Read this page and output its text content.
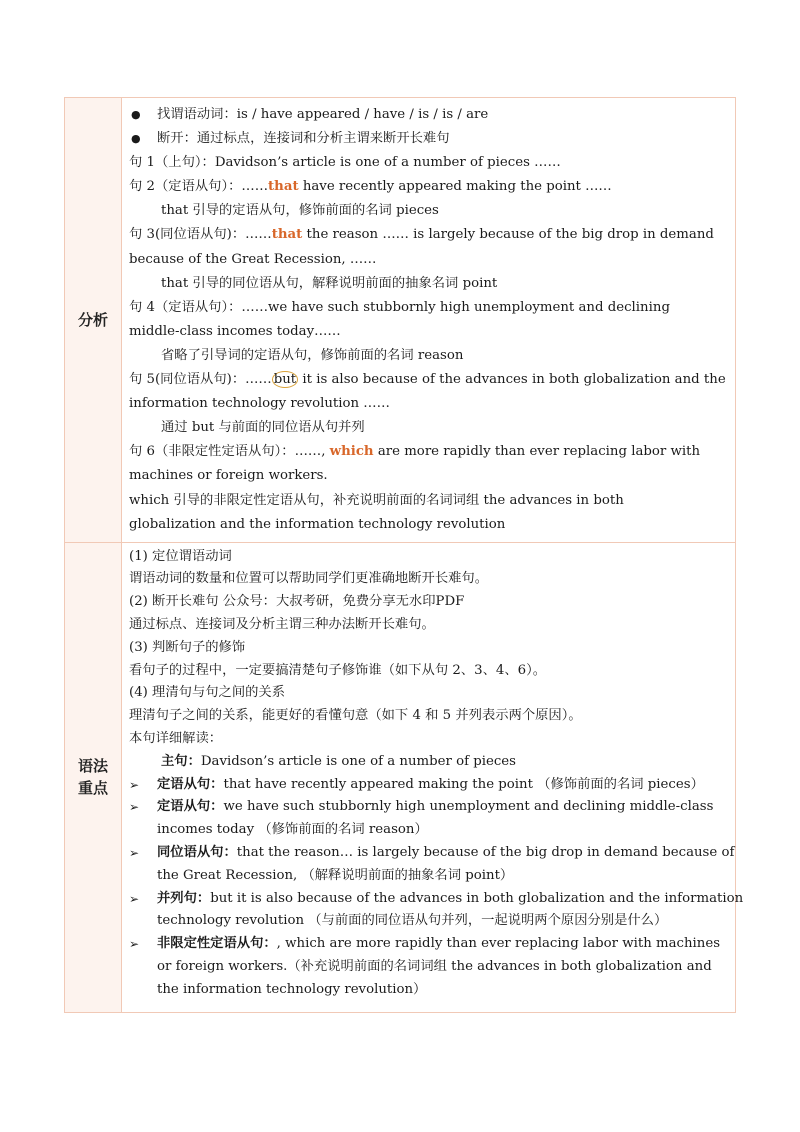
分析
● 找谓语动词：is / have appeared / have / is / is / are
● 断开：通过标点，连接词和分析主谓来断开长难句
句 1（上句）：Davidson’s article is one of a number of pieces ……
句 2（定语从句）：……that have recently appeared making the point ……
that 引导的定语从句，修饰前面的名词 pieces
句 3(同位语从句)：……that the reason …… is largely because of the big drop in demand
because of the Great Recession, ……
that 引导的同位语从句，解释说明前面的抽象名词 point
句 4（定语从句）：……we have such stubbornly high unemployment and declining
middle-class incomes today……
省略了引导词的定语从句，修饰前面的名词 reason
句 5(同位语从句)：…… but it is also because of the advances in both globalization and the
information technology revolution ……
通过 but 与前面的同位语从句并列
句 6（非限定性定语从句）：……, which are more rapidly than ever replacing labor with
machines or foreign workers.
which 引导的非限定性定语从句，补充说明前面的名词词组 the advances in both
globalization and the information technology revolution
语法重点
(1) 定位谓语动词
谓语动词的数量和位置可以帮助同学们更准确地断开长难句。
(2) 断开长难句 公众号：大叔考研，免费分享无水印PDF
通过标点、连接词及分析主谓三种办法断开长难句。
(3) 判断句子的修饰
看句子的过程中，一定要搞清楚句子修饰谁（如下从句 2、3、4、6）。
(4) 理清句与句之间的关系
理清句子之间的关系，能更好的看懂句意（如下 4 和 5 并列表示两个原因）。
本句详细解读：
主句：Davidson’s article is one of a number of pieces
➢ 定语从句：that have recently appeared making the point （修饰前面的名词 pieces）
➢ 定语从句：we have such stubbornly high unemployment and declining middle-class
incomes today （修饰前面的名词 reason）
➢ 同位语从句：that the reason… is largely because of the big drop in demand because of
the Great Recession, （解释说明前面的抽象名词 point）
➢ 并列句：but it is also because of the advances in both globalization and the information
technology revolution （与前面的同位语从句并列，一起说明两个原因分别是什么）
➢ 非限定性定语从句：, which are more rapidly than ever replacing labor with machines
or foreign workers.（补充说明前面的名词词组 the advances in both globalization and
the information technology revolution）
